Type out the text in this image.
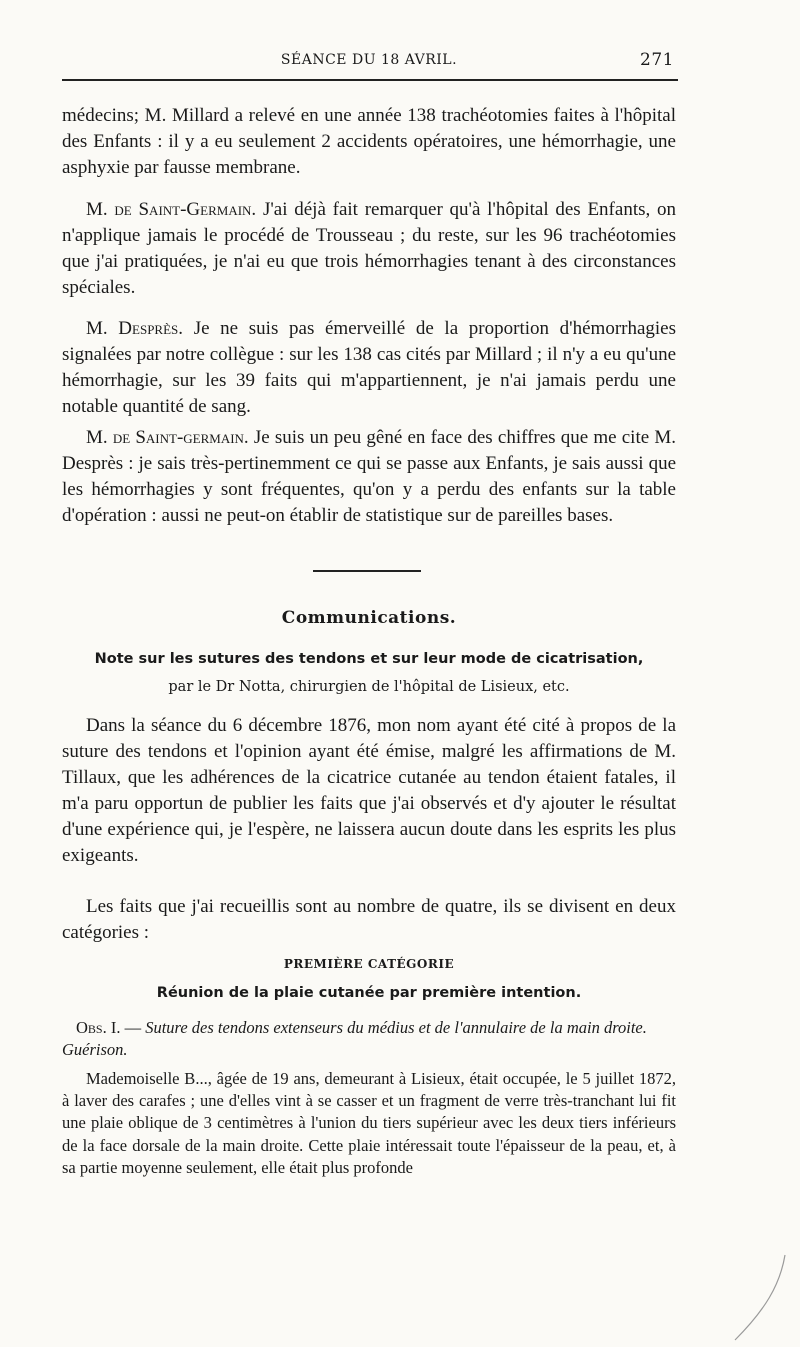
SÉANCE DU 18 AVRIL.	271

médecins; M. Millard a relevé en une année 138 trachéotomies faites à l'hôpital des Enfants : il y a eu seulement 2 accidents opératoires, une hémorrhagie, une asphyxie par fausse membrane.

M. de Saint-Germain. J'ai déjà fait remarquer qu'à l'hôpital des Enfants, on n'applique jamais le procédé de Trousseau ; du reste, sur les 96 trachéotomies que j'ai pratiquées, je n'ai eu que trois hémorrhagies tenant à des circonstances spéciales.

M. Desprès. Je ne suis pas émerveillé de la proportion d'hémorrhagies signalées par notre collègue : sur les 138 cas cités par Millard ; il n'y a eu qu'une hémorrhagie, sur les 39 faits qui m'appartiennent, je n'ai jamais perdu une notable quantité de sang.

M. de Saint-germain. Je suis un peu gêné en face des chiffres que me cite M. Desprès : je sais très-pertinemment ce qui se passe aux Enfants, je sais aussi que les hémorrhagies y sont fréquentes, qu'on y a perdu des enfants sur la table d'opération : aussi ne peut-on établir de statistique sur de pareilles bases.

Communications.
Note sur les sutures des tendons et sur leur mode de cicatrisation,
par le Dr Notta, chirurgien de l'hôpital de Lisieux, etc.

Dans la séance du 6 décembre 1876, mon nom ayant été cité à propos de la suture des tendons et l'opinion ayant été émise, malgré les affirmations de M. Tillaux, que les adhérences de la cicatrice cutanée au tendon étaient fatales, il m'a paru opportun de publier les faits que j'ai observés et d'y ajouter le résultat d'une expérience qui, je l'espère, ne laissera aucun doute dans les esprits les plus exigeants.

Les faits que j'ai recueillis sont au nombre de quatre, ils se divisent en deux catégories :

PREMIÈRE CATÉGORIE
Réunion de la plaie cutanée par première intention.
Obs. I. — Suture des tendons extenseurs du médius et de l'annulaire de la main droite. Guérison.

Mademoiselle B..., âgée de 19 ans, demeurant à Lisieux, était occupée, le 5 juillet 1872, à laver des carafes ; une d'elles vint à se casser et un fragment de verre très-tranchant lui fit une plaie oblique de 3 centimètres à l'union du tiers supérieur avec les deux tiers inférieurs de la face dorsale de la main droite. Cette plaie intéressait toute l'épaisseur de la peau, et, à sa partie moyenne seulement, elle était plus profonde
